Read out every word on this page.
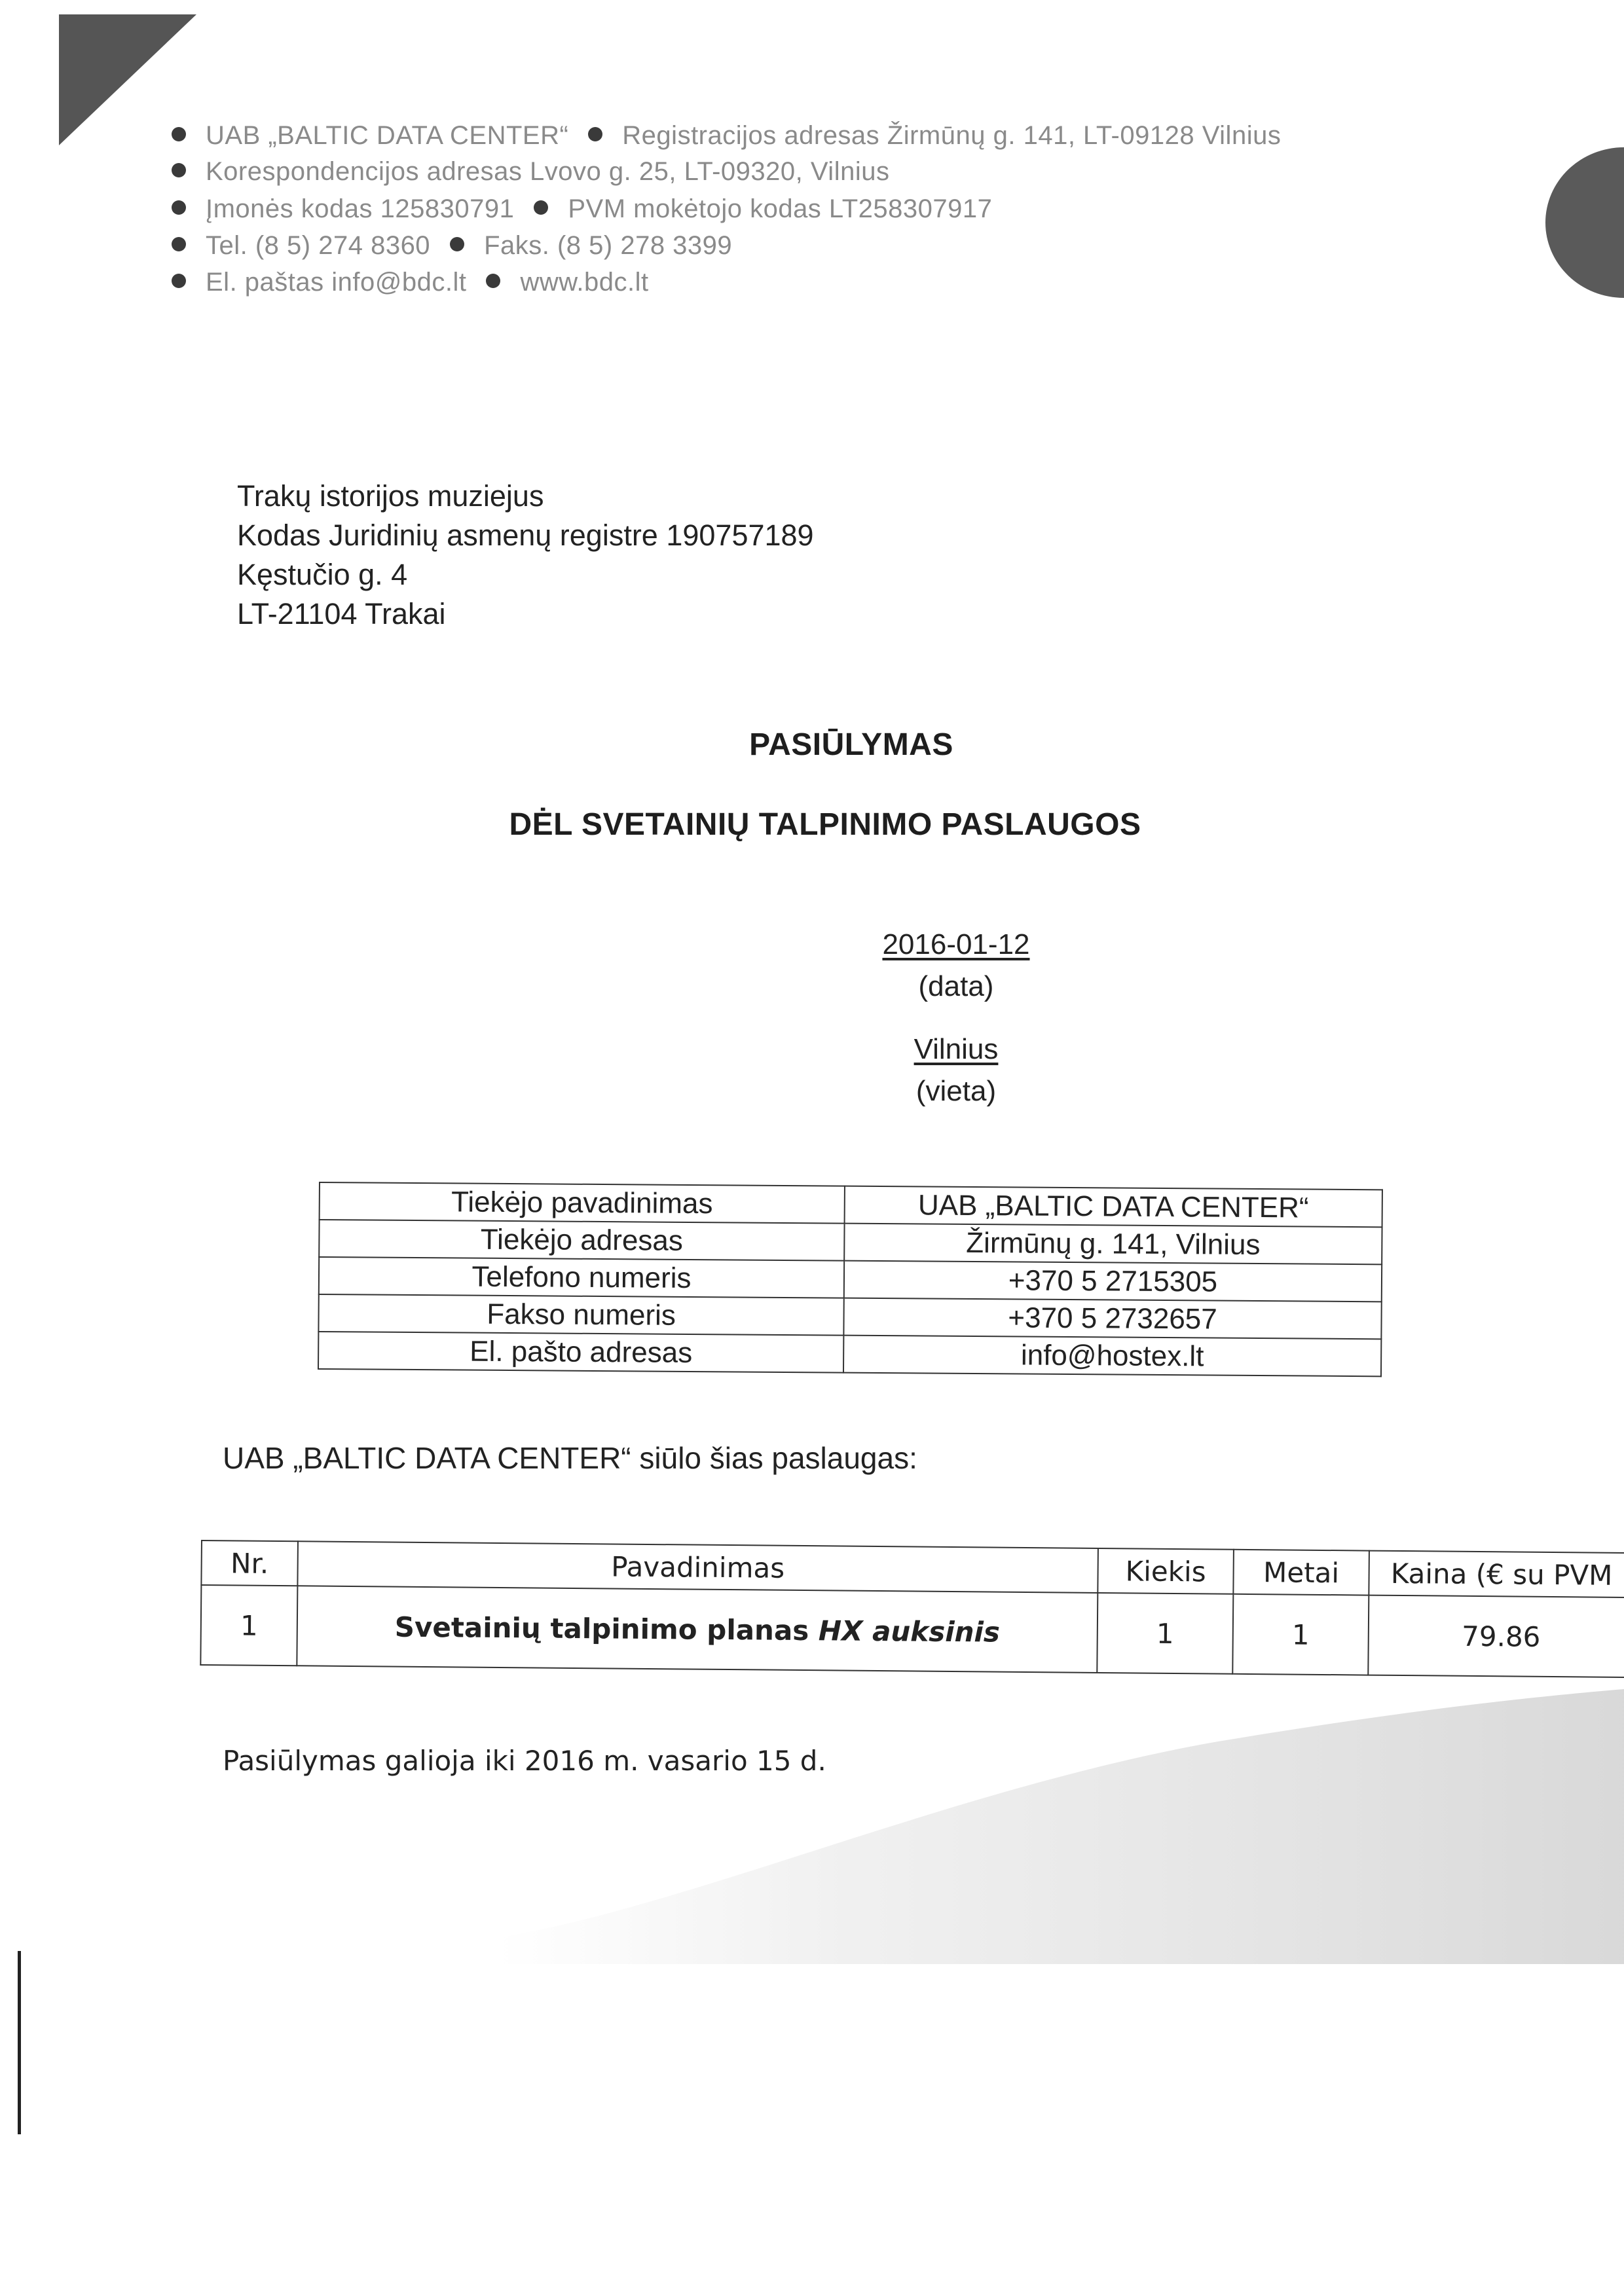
UAB „BALTIC DATA CENTER“ Registracijos adresas Žirmūnų g. 141, LT-09128 Vilnius
Korespondencijos adresas Lvovo g. 25, LT-09320, Vilnius
Įmonės kodas 125830791 PVM mokėtojo kodas LT258307917
Tel. (8 5) 274 8360 Faks. (8 5) 278 3399
El. paštas info@bdc.lt www.bdc.lt
Trakų istorijos muziejus
Kodas Juridinių asmenų registre 190757189
Kęstučio g. 4
LT-21104 Trakai
PASIŪLYMAS
DĖL SVETAINIŲ TALPINIMO PASLAUGOS
2016-01-12
(data)
Vilnius
(vieta)
Tiekėjo pavadinimas	UAB „BALTIC DATA CENTER“
Tiekėjo adresas	Žirmūnų g. 141, Vilnius
Telefono numeris	+370 5 2715305
Fakso numeris	+370 5 2732657
El. pašto adresas	info@hostex.lt
UAB „BALTIC DATA CENTER“ siūlo šias paslaugas:
Nr.	Pavadinimas	Kiekis	Metai	Kaina (€ su PVM
1	Svetainių talpinimo planas HX auksinis	1	1	79.86
Pasiūlymas galioja iki 2016 m. vasario 15 d.
